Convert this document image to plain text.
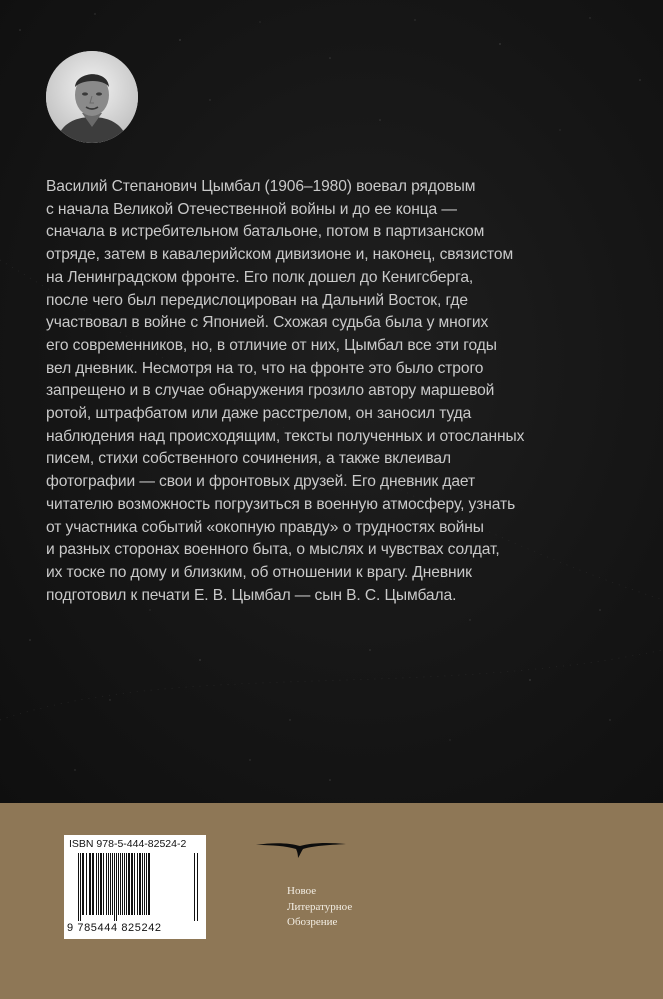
Василий Степанович Цымбал (1906–1980) воевал рядовым
с начала Великой Отечественной войны и до ее конца —
сначала в истребительном батальоне, потом в партизанском
отряде, затем в кавалерийском дивизионе и, наконец, связистом
на Ленинградском фронте. Его полк дошел до Кенигсберга,
после чего был передислоцирован на Дальний Восток, где
участвовал в войне с Японией. Схожая судьба была у многих
его современников, но, в отличие от них, Цымбал все эти годы
вел дневник. Несмотря на то, что на фронте это было строго
запрещено и в случае обнаружения грозило автору маршевой
ротой, штрафбатом или даже расстрелом, он заносил туда
наблюдения над происходящим, тексты полученных и отосланных
писем, стихи собственного сочинения, а также вклеивал
фотографии — свои и фронтовых друзей. Его дневник дает
читателю возможность погрузиться в военную атмосферу, узнать
от участника событий «окопную правду» о трудностях войны
и разных сторонах военного быта, о мыслях и чувствах солдат,
их тоске по дому и близким, об отношении к врагу. Дневник
подготовил к печати Е. В. Цымбал — сын В. С. Цымбала.
ISBN 978-5-444-82524-2
9 785444 825242
Новое
Литературное
Обозрение
